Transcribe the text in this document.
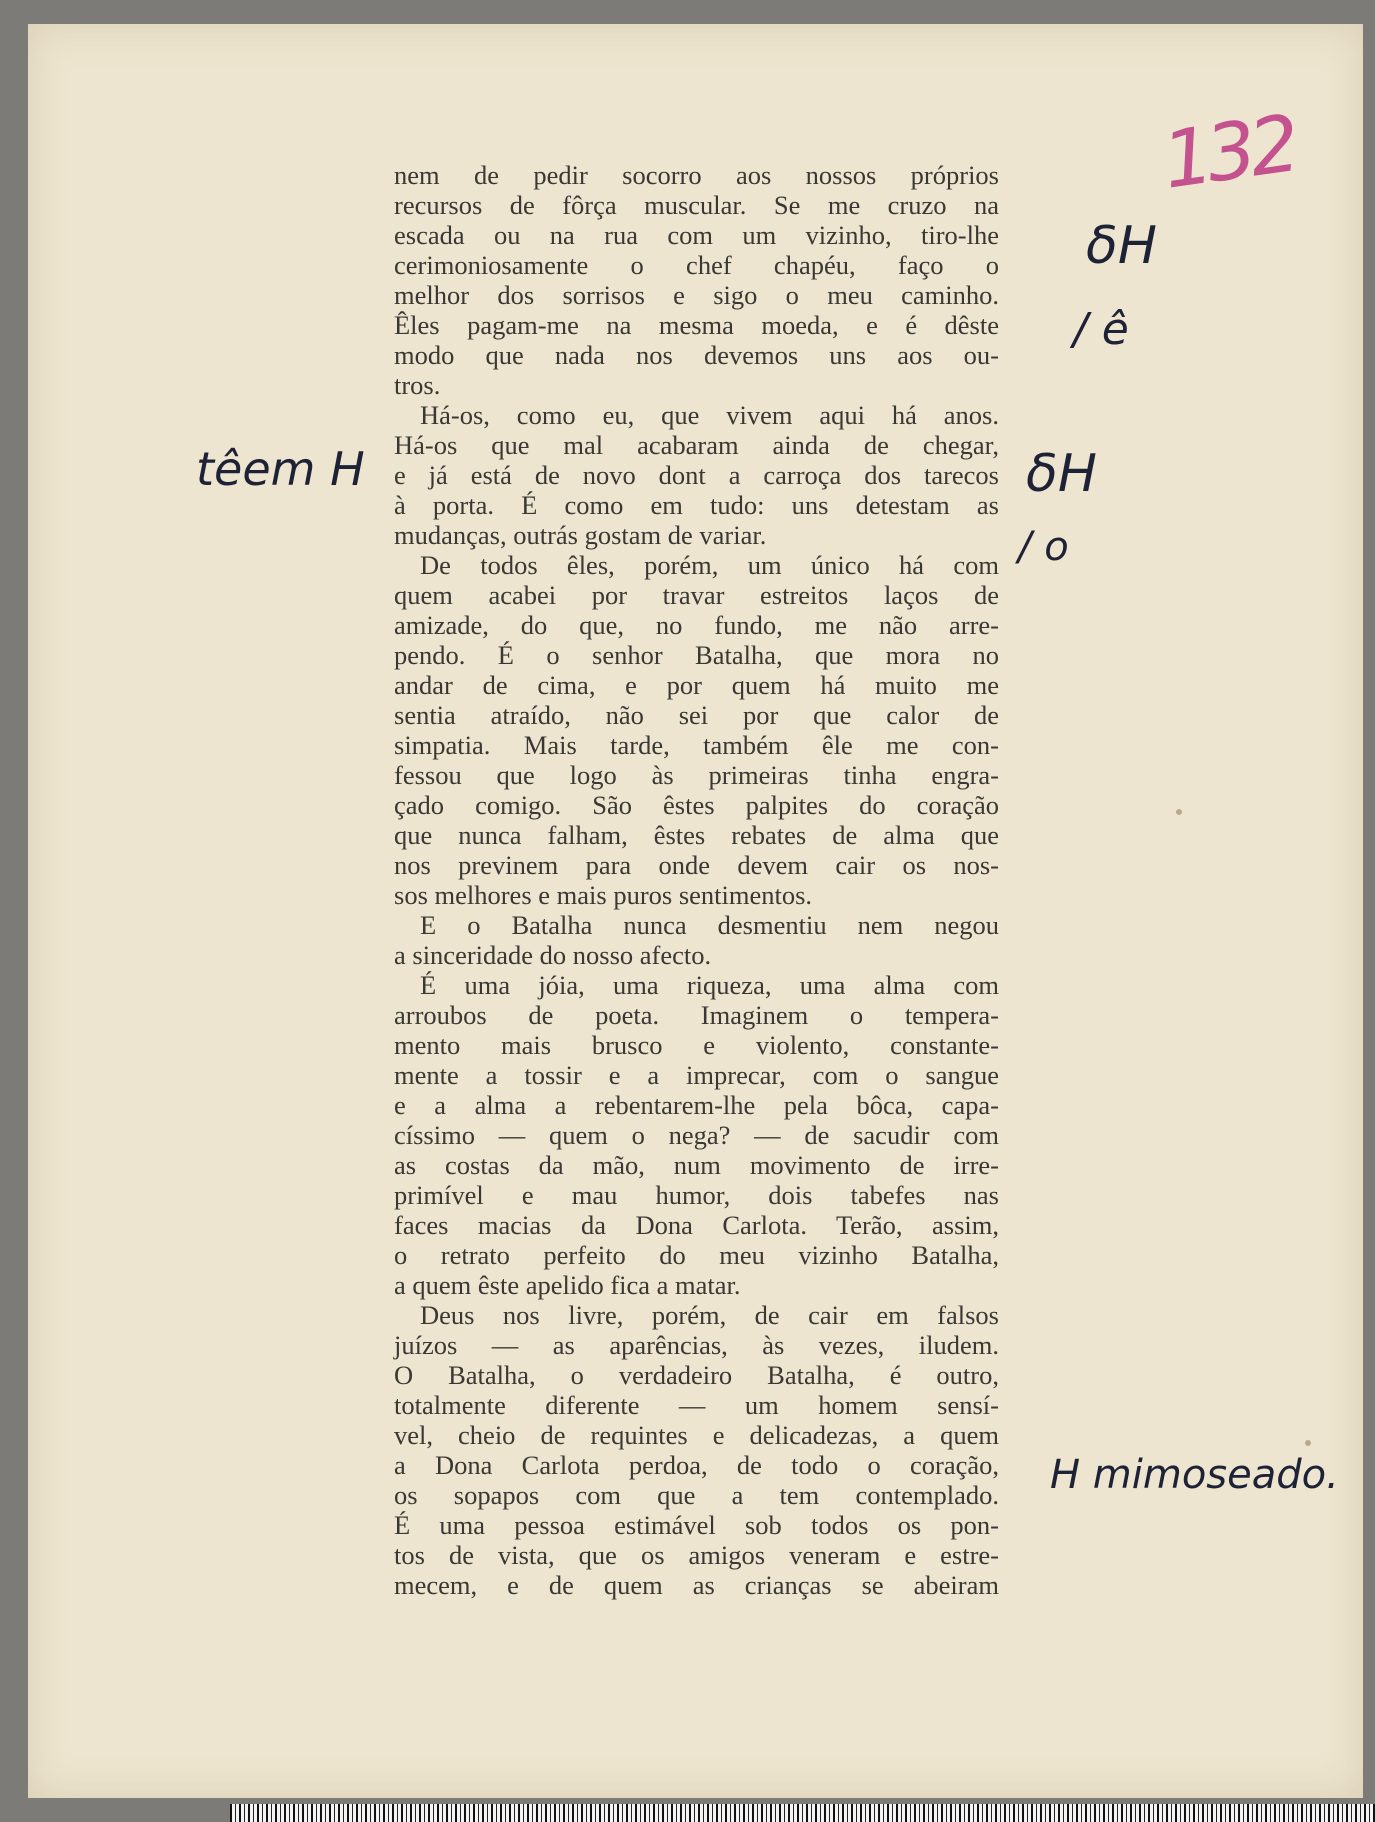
132
nem de pedir socorro aos nossos próprios
recursos de fôrça muscular. Se me cruzo na
escada ou na rua com um vizinho, tiro-lhe
cerimoniosamente o chef chapéu, faço o
melhor dos sorrisos e sigo o meu caminho.
Êles pagam-me na mesma moeda, e é dêste
modo que nada nos devemos uns aos ou-
tros.
Há-os, como eu, que vivem aqui há anos.
Há-os que mal acabaram ainda de chegar,
e já está de novo dont a carroça dos tarecos
à porta. É como em tudo: uns detestam as
mudanças, outrás gostam de variar.
De todos êles, porém, um único há com
quem acabei por travar estreitos laços de
amizade, do que, no fundo, me não arre-
pendo. É o senhor Batalha, que mora no
andar de cima, e por quem há muito me
sentia atraído, não sei por que calor de
simpatia. Mais tarde, também êle me con-
fessou que logo às primeiras tinha engra-
çado comigo. São êstes palpites do coração
que nunca falham, êstes rebates de alma que
nos previnem para onde devem cair os nos-
sos melhores e mais puros sentimentos.
E o Batalha nunca desmentiu nem negou
a sinceridade do nosso afecto.
É uma jóia, uma riqueza, uma alma com
arroubos de poeta. Imaginem o tempera-
mento mais brusco e violento, constante-
mente a tossir e a imprecar, com o sangue
e a alma a rebentarem-lhe pela bôca, capa-
císsimo — quem o nega? — de sacudir com
as costas da mão, num movimento de irre-
primível e mau humor, dois tabefes nas
faces macias da Dona Carlota. Terão, assim,
o retrato perfeito do meu vizinho Batalha,
a quem êste apelido fica a matar.
Deus nos livre, porém, de cair em falsos
juízos — as aparências, às vezes, iludem.
O Batalha, o verdadeiro Batalha, é outro,
totalmente diferente — um homem sensí-
vel, cheio de requintes e delicadezas, a quem
a Dona Carlota perdoa, de todo o coração,
os sopapos com que a tem contemplado.
É uma pessoa estimável sob todos os pon-
tos de vista, que os amigos veneram e estre-
mecem, e de quem as crianças se abeiram
δH
/ ê
têem H	δH
/ o
H mimoseado.
